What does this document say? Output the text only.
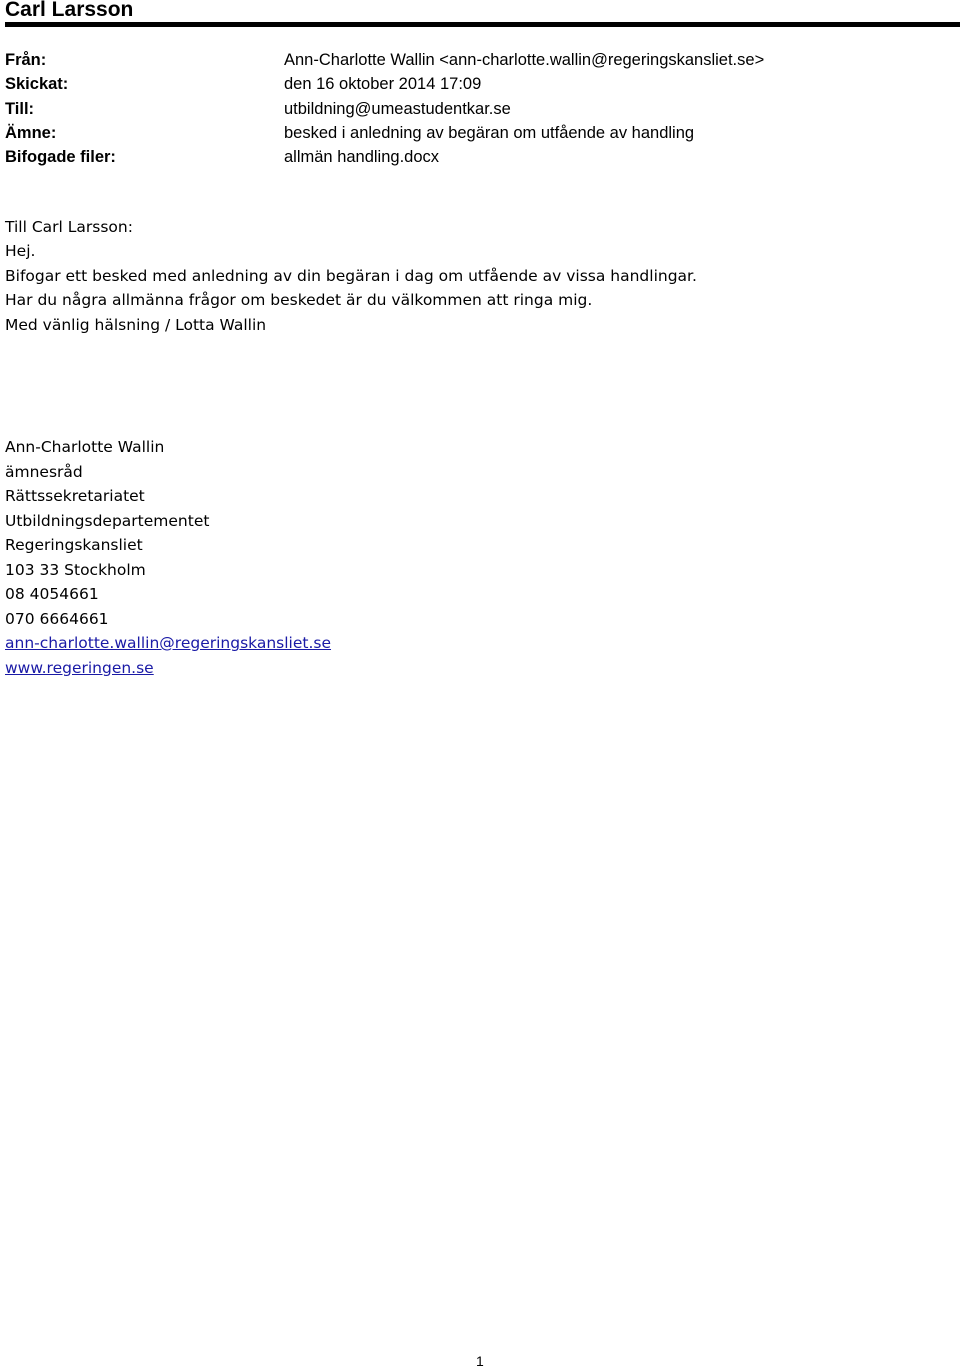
Carl Larsson
Från:	Ann-Charlotte Wallin <ann-charlotte.wallin@regeringskansliet.se>
Skickat:	den 16 oktober 2014 17:09
Till:	utbildning@umeastudentkar.se
Ämne:	besked i anledning av begäran om utfående av handling
Bifogade filer:	allmän handling.docx
Till Carl Larsson:
Hej.
Bifogar ett besked med anledning av din begäran i dag om utfående av vissa handlingar.
Har du några allmänna frågor om beskedet är du välkommen att ringa mig.
Med vänlig hälsning / Lotta Wallin
Ann-Charlotte Wallin
ämnesråd
Rättssekretariatet
Utbildningsdepartementet
Regeringskansliet
103 33 Stockholm
08 4054661
070 6664661
ann-charlotte.wallin@regeringskansliet.se
www.regeringen.se
1
